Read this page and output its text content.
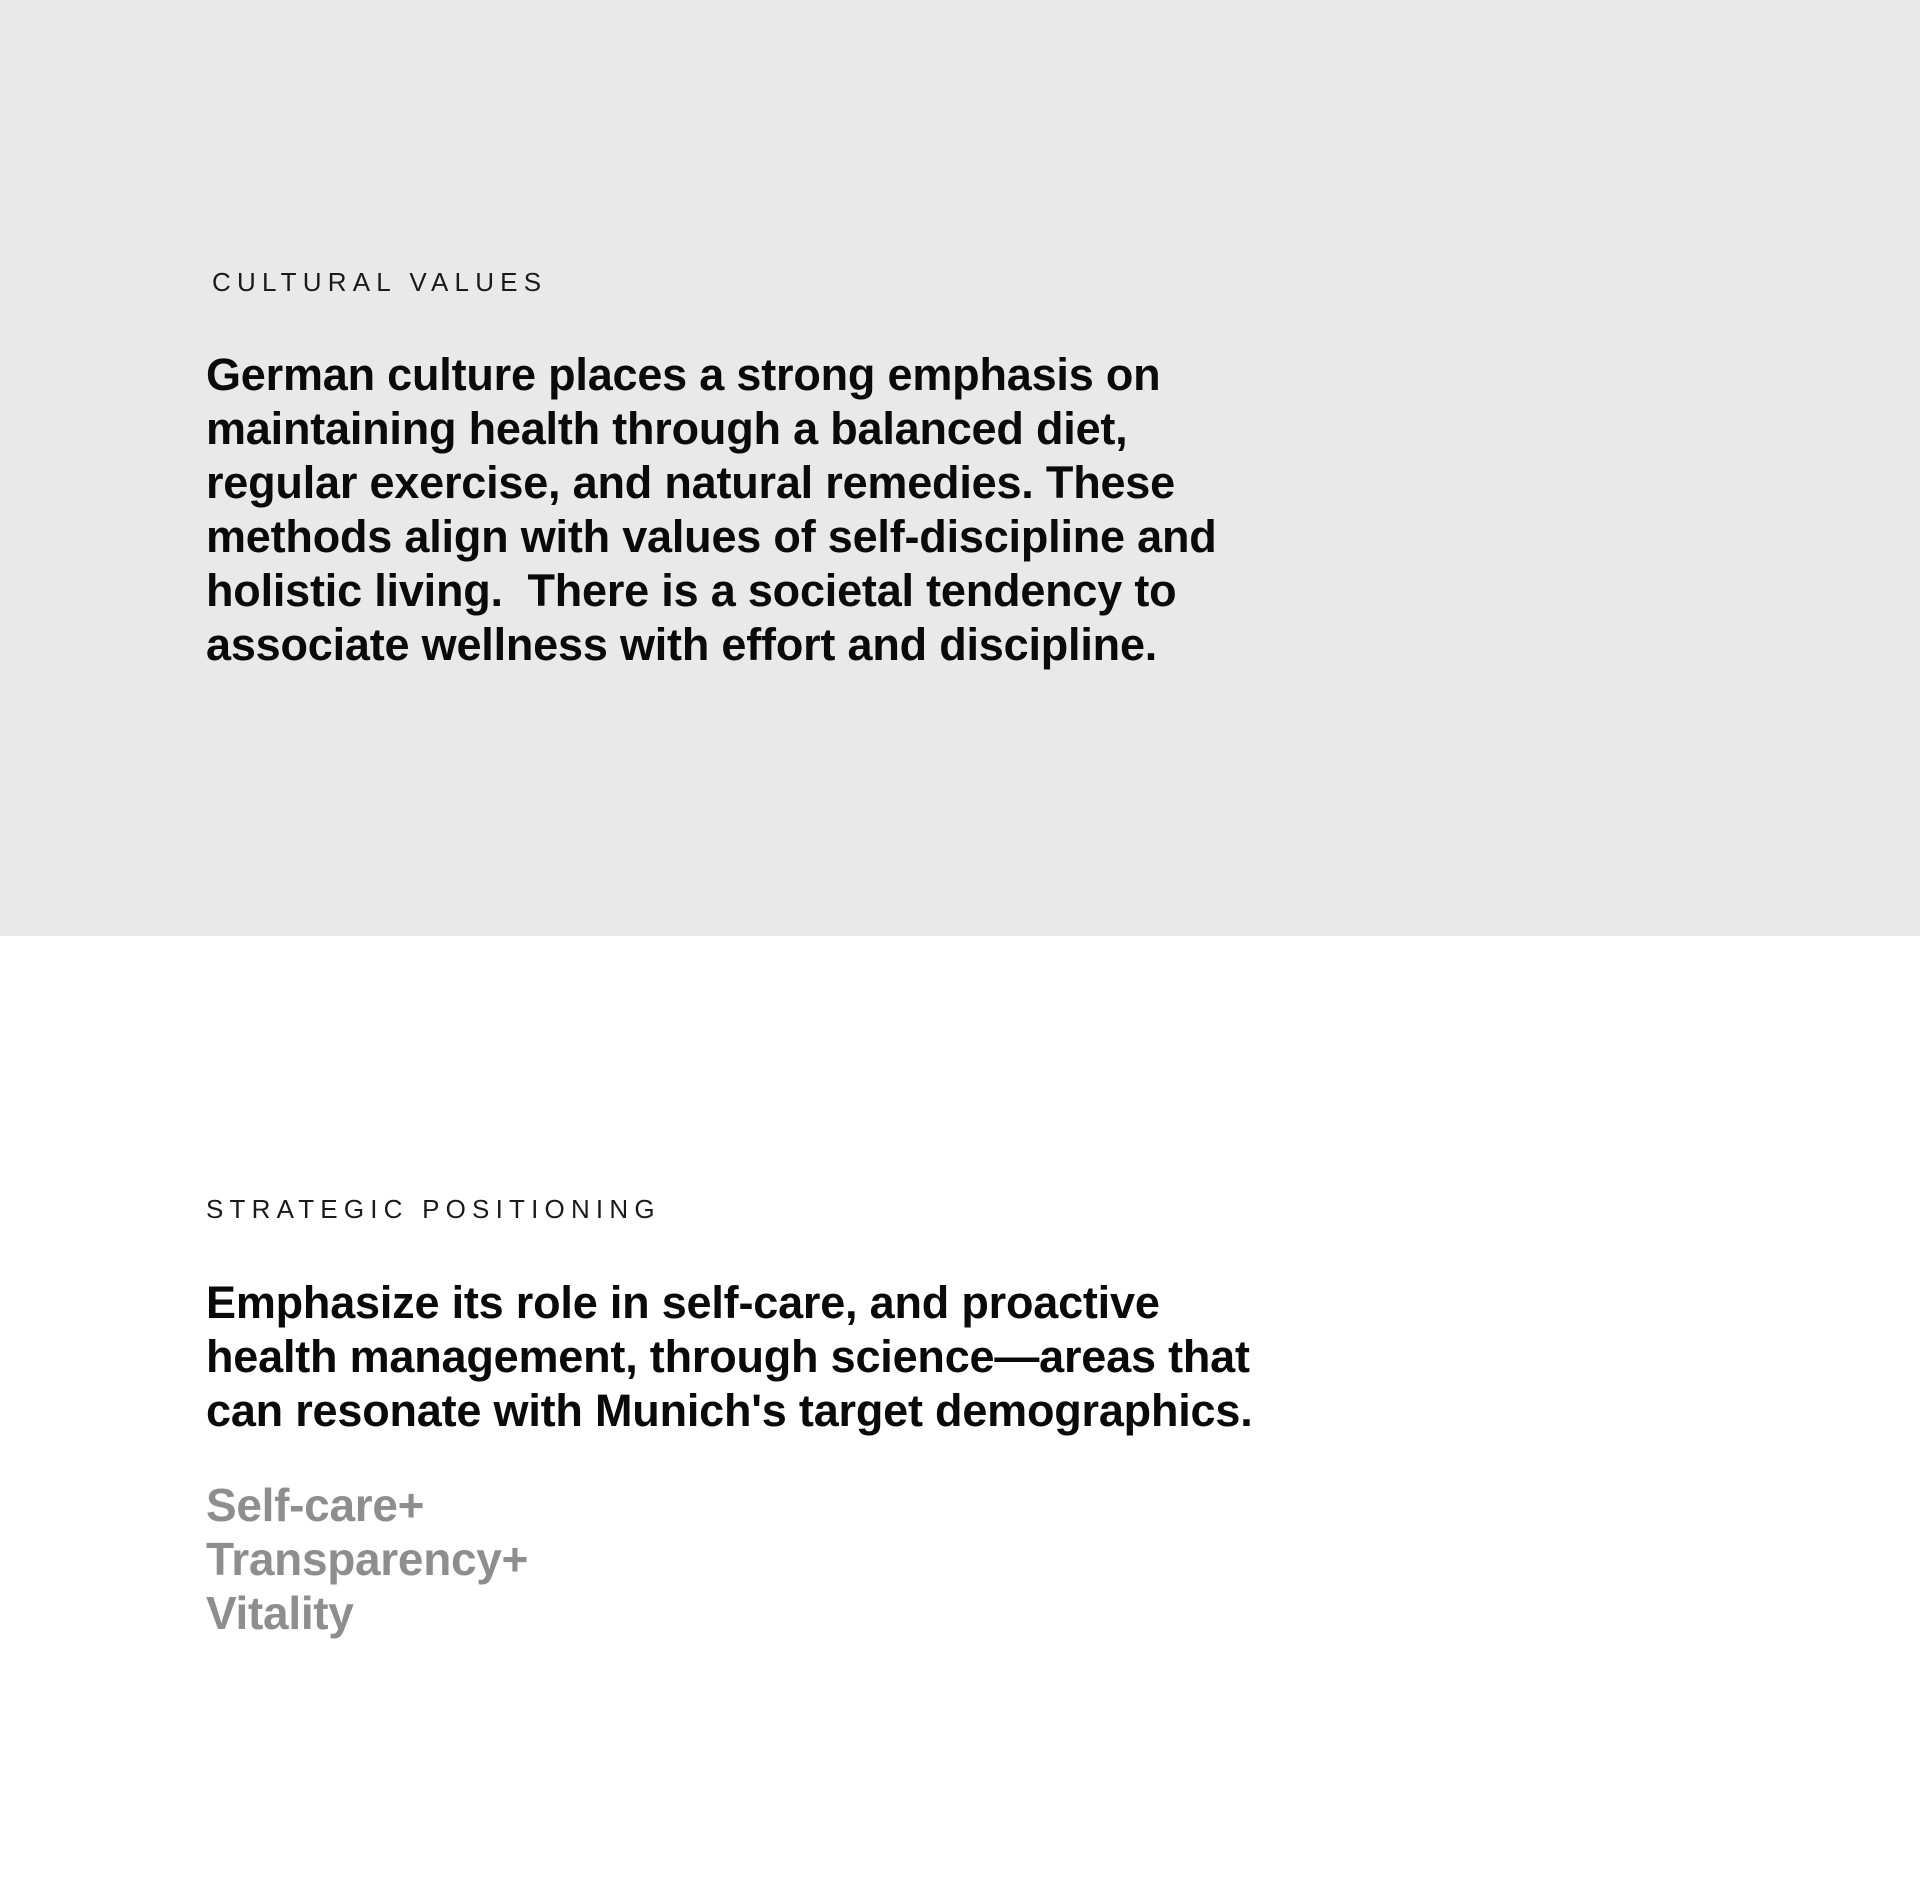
CULTURAL VALUES

German culture places a strong emphasis on
maintaining health through a balanced diet,
regular exercise, and natural remedies. These
methods align with values of self-discipline and
holistic living.  There is a societal tendency to
associate wellness with effort and discipline.

STRATEGIC POSITIONING

Emphasize its role in self-care, and proactive
health management, through science—areas that
can resonate with Munich's target demographics.

Self-care+
Transparency+
Vitality
